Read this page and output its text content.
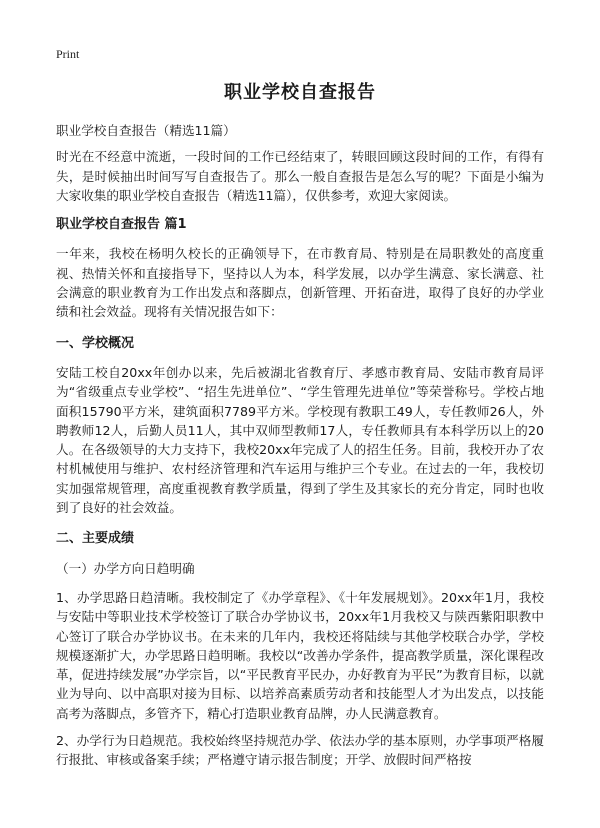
Print
职业学校自查报告

职业学校自查报告（精选11篇）

时光在不经意中流逝，一段时间的工作已经结束了，转眼回顾这段时间的工作，有得有失，是时候抽出时间写写自查报告了。那么一般自查报告是怎么写的呢？下面是小编为大家收集的职业学校自查报告（精选11篇），仅供参考，欢迎大家阅读。

职业学校自查报告 篇1

一年来，我校在杨明久校长的正确领导下，在市教育局、特别是在局职教处的高度重视、热情关怀和直接指导下，坚持以人为本，科学发展，以办学生满意、家长满意、社会满意的职业教育为工作出发点和落脚点，创新管理、开拓奋进，取得了良好的办学业绩和社会效益。现将有关情况报告如下：

一、学校概况

安陆工校自20xx年创办以来，先后被湖北省教育厅、孝感市教育局、安陆市教育局评为“省级重点专业学校”、“招生先进单位”、“学生管理先进单位”等荣誉称号。学校占地面积15790平方米，建筑面积7789平方米。学校现有教职工49人，专任教师26人，外聘教师12人，后勤人员11人，其中双师型教师17人，专任教师具有本科学历以上的20人。在各级领导的大力支持下，我校20xx年完成了人的招生任务。目前，我校开办了农村机械使用与维护、农村经济管理和汽车运用与维护三个专业。在过去的一年，我校切实加强常规管理，高度重视教育教学质量，得到了学生及其家长的充分肯定，同时也收到了良好的社会效益。

二、主要成绩

（一）办学方向日趋明确

1、办学思路日趋清晰。我校制定了《办学章程》、《十年发展规划》。20xx年1月，我校与安陆中等职业技术学校签订了联合办学协议书，20xx年1月我校又与陕西紫阳职教中心签订了联合办学协议书。在未来的几年内，我校还将陆续与其他学校联合办学，学校规模逐渐扩大，办学思路日趋明晰。我校以“改善办学条件，提高教学质量，深化课程改革，促进持续发展”办学宗旨，以“平民教育平民办，办好教育为平民”为教育目标，以就业为导向、以中高职对接为目标、以培养高素质劳动者和技能型人才为出发点，以技能高考为落脚点，多管齐下，精心打造职业教育品牌，办人民满意教育。

2、办学行为日趋规范。我校始终坚持规范办学、依法办学的基本原则，办学事项严格履行报批、审核或备案手续；严格遵守请示报告制度；开学、放假时间严格按
